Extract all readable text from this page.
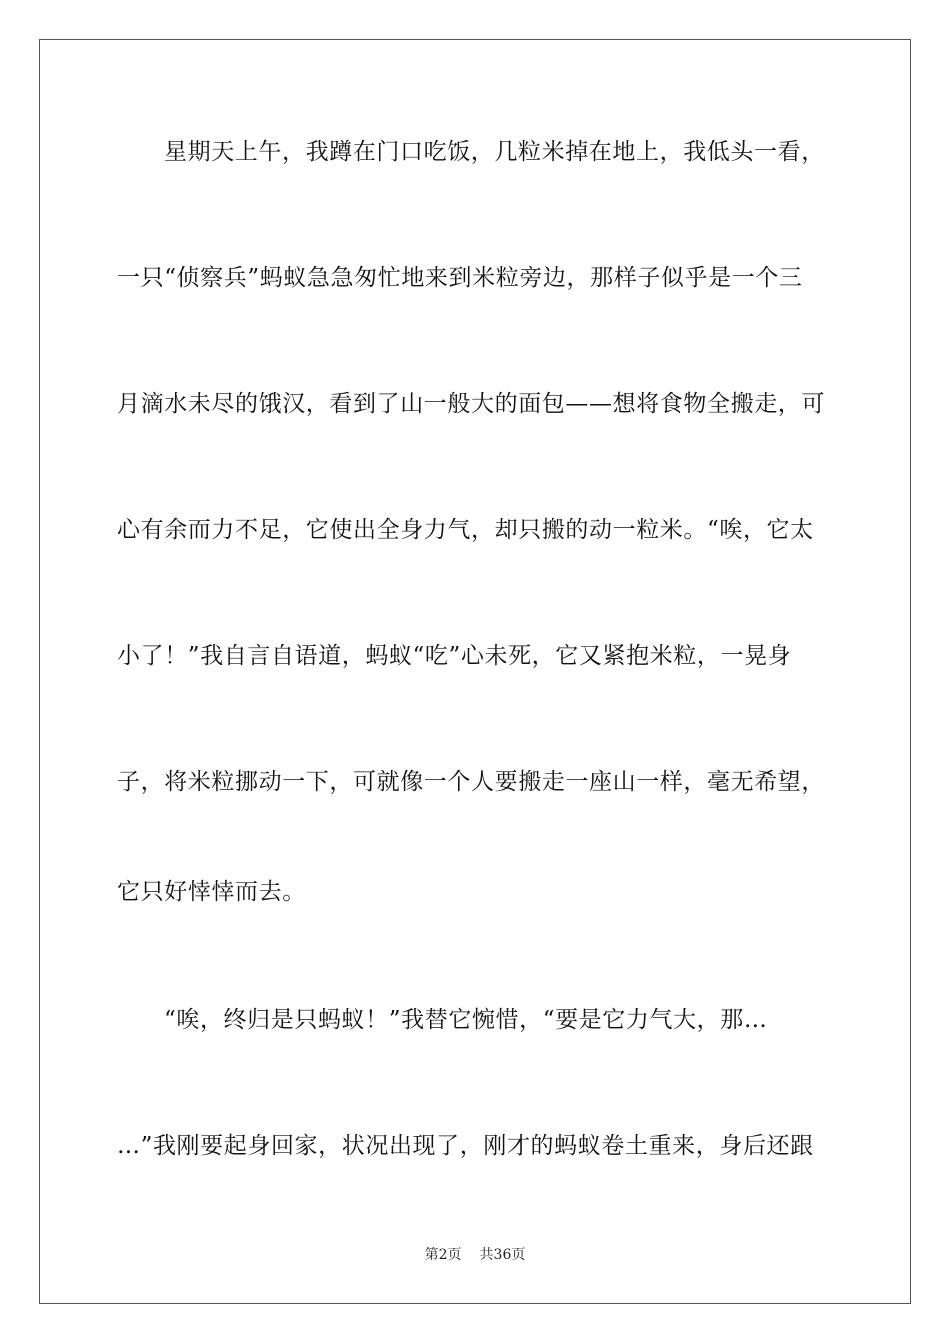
星期天上午，我蹲在门口吃饭，几粒米掉在地上，我低头一看，
一只“侦察兵”蚂蚁急急匆忙地来到米粒旁边，那样子似乎是一个三
月滴水未尽的饿汉，看到了山一般大的面包——想将食物全搬走，可
心有余而力不足，它使出全身力气，却只搬的动一粒米。“唉，它太
小了！”我自言自语道，蚂蚁“吃”心未死，它又紧抱米粒，一晃身
子，将米粒挪动一下，可就像一个人要搬走一座山一样，毫无希望，
它只好悻悻而去。
“唉，终归是只蚂蚁！”我替它惋惜，“要是它力气大，那…
…”我刚要起身回家，状况出现了，刚才的蚂蚁卷土重来，身后还跟
第2页 共36页
